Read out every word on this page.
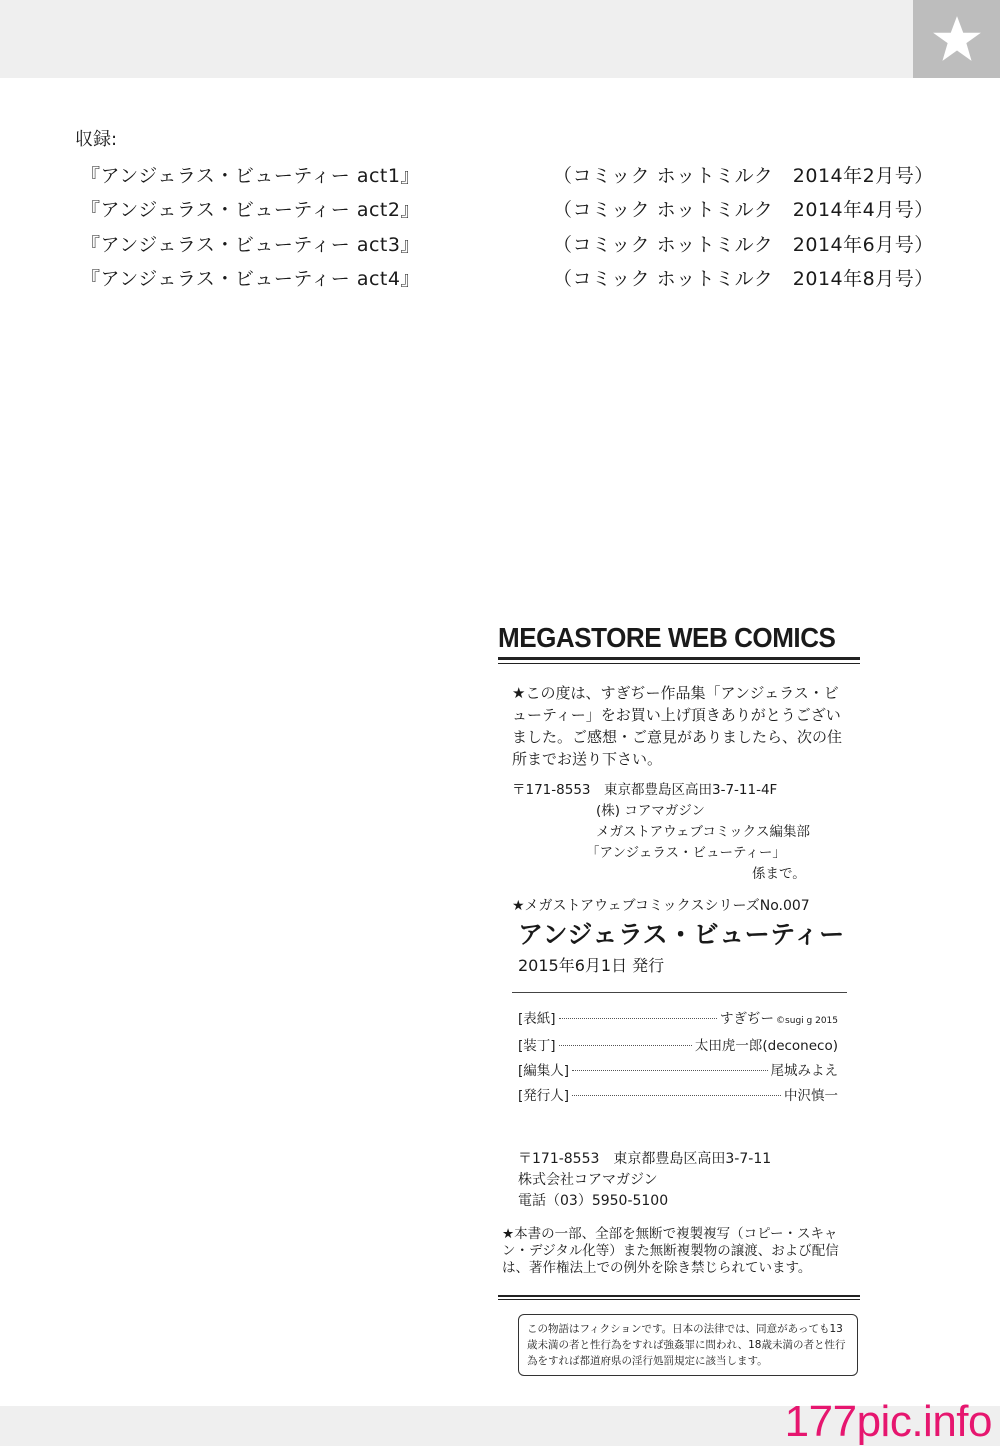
収録:
『アンジェラス・ビューティー act1』	（コミック ホットミルク　2014年2月号）
『アンジェラス・ビューティー act2』	（コミック ホットミルク　2014年4月号）
『アンジェラス・ビューティー act3』	（コミック ホットミルク　2014年6月号）
『アンジェラス・ビューティー act4』	（コミック ホットミルク　2014年8月号）
MEGASTORE WEB COMICS
★この度は、すぎぢー作品集「アンジェラス・ビューティー」をお買い上げ頂きありがとうございました。ご感想・ご意見がありましたら、次の住所までお送り下さい。
〒171-8553　東京都豊島区高田3-7-11-4F
(株) コアマガジン
メガストアウェブコミックス編集部
「アンジェラス・ビューティー」
係まで。
★メガストアウェブコミックスシリーズNo.007
アンジェラス・ビューティー
2015年6月1日 発行
[表紙]	すぎぢー ©sugi g 2015
[装丁]	太田虎一郎(deconeco)
[編集人]	尾城みよえ
[発行人]	中沢慎一
〒171-8553　東京都豊島区高田3-7-11
株式会社コアマガジン
電話（03）5950-5100
★本書の一部、全部を無断で複製複写（コピー・スキャン・デジタル化等）また無断複製物の譲渡、および配信は、著作権法上での例外を除き禁じられています。
この物語はフィクションです。日本の法律では、同意があっても13歳未満の者と性行為をすれば強姦罪に問われ、18歳未満の者と性行為をすれば都道府県の淫行処罰規定に該当します。
177pic.info
